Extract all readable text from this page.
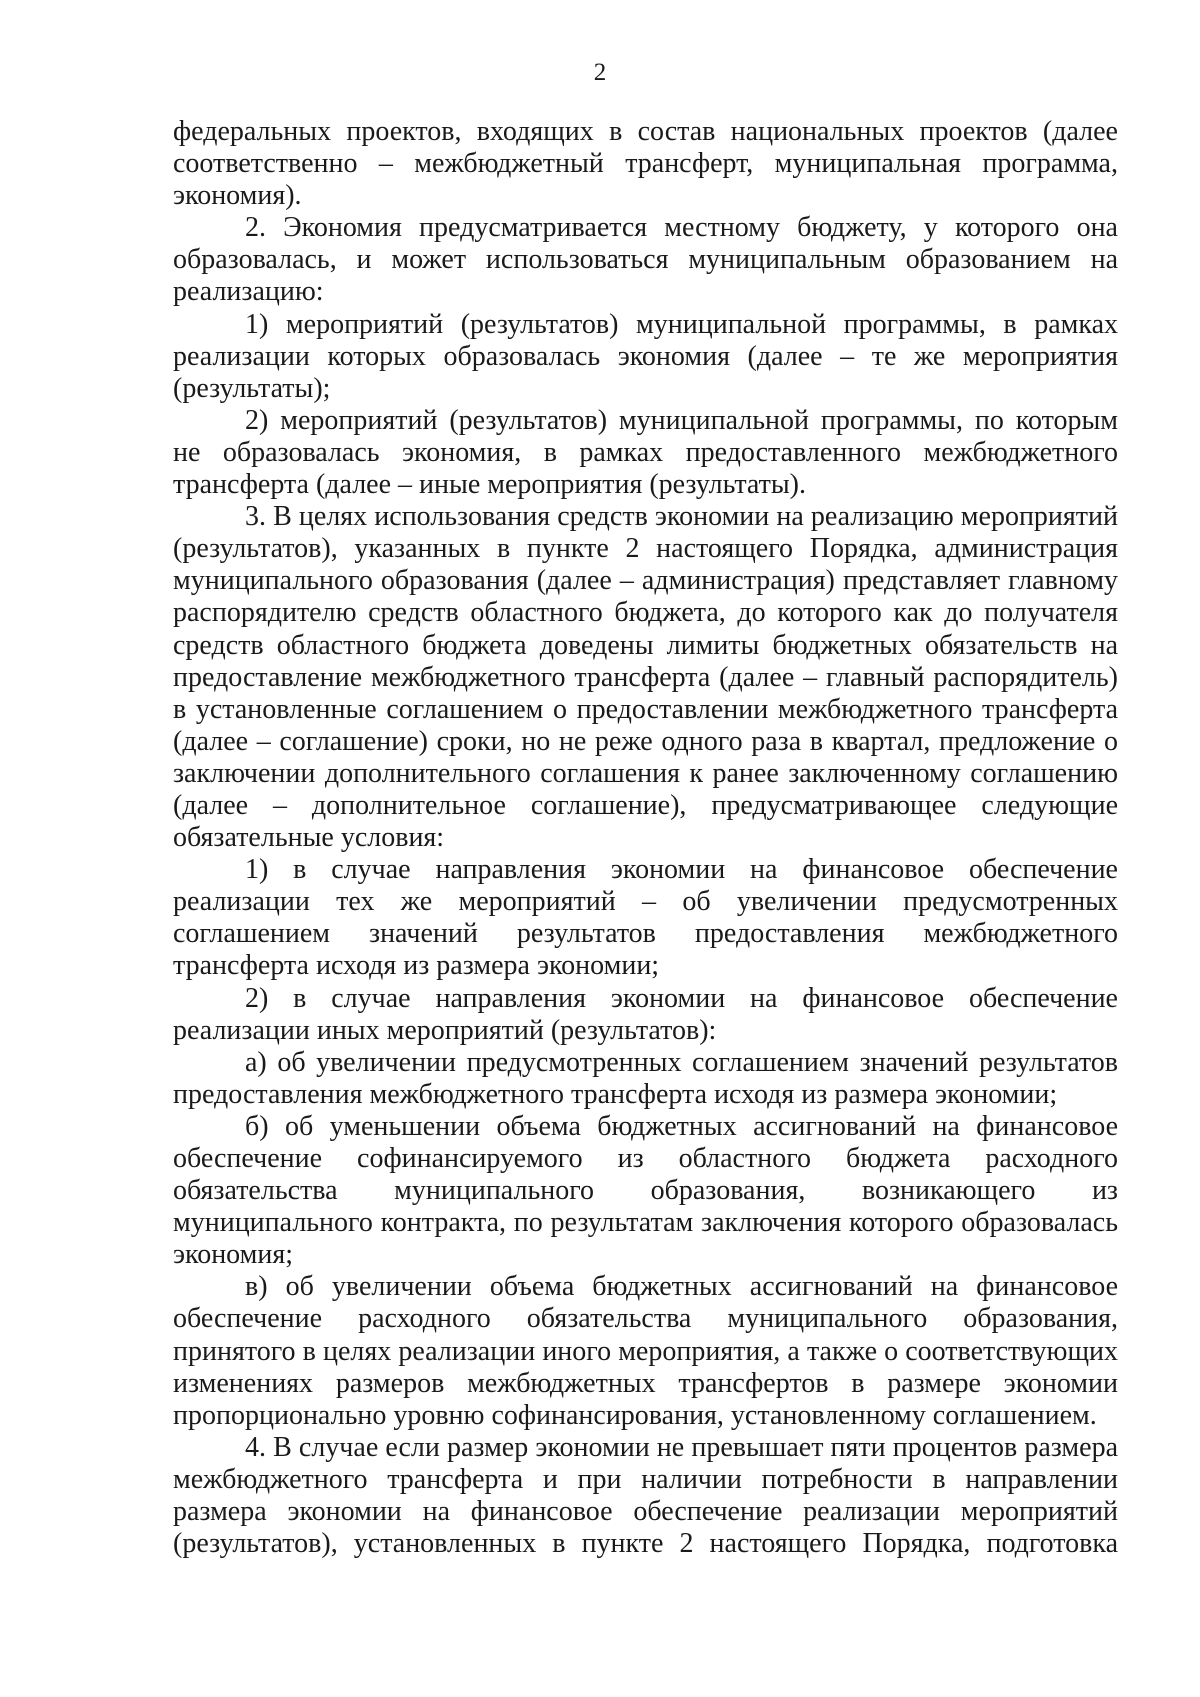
2

федеральных проектов, входящих в состав национальных проектов (далее соответственно – межбюджетный трансферт, муниципальная программа, экономия).

2. Экономия предусматривается местному бюджету, у которого она образовалась, и может использоваться муниципальным образованием на реализацию:

1) мероприятий (результатов) муниципальной программы, в рамках реализации которых образовалась экономия (далее – те же мероприятия (результаты);

2) мероприятий (результатов) муниципальной программы, по которым не образовалась экономия, в рамках предоставленного межбюджетного трансферта (далее – иные мероприятия (результаты).

3. В целях использования средств экономии на реализацию мероприятий (результатов), указанных в пункте 2 настоящего Порядка, администрация муниципального образования (далее – администрация) представляет главному распорядителю средств областного бюджета, до которого как до получателя средств областного бюджета доведены лимиты бюджетных обязательств на предоставление межбюджетного трансферта (далее – главный распорядитель) в установленные соглашением о предоставлении межбюджетного трансферта (далее – соглашение) сроки, но не реже одного раза в квартал, предложение о заключении дополнительного соглашения к ранее заключенному соглашению (далее – дополнительное соглашение), предусматривающее следующие обязательные условия:

1) в случае направления экономии на финансовое обеспечение реализации тех же мероприятий – об увеличении предусмотренных соглашением значений результатов предоставления межбюджетного трансферта исходя из размера экономии;

2) в случае направления экономии на финансовое обеспечение реализации иных мероприятий (результатов):

а) об увеличении предусмотренных соглашением значений результатов предоставления межбюджетного трансферта исходя из размера экономии;

б) об уменьшении объема бюджетных ассигнований на финансовое обеспечение софинансируемого из областного бюджета расходного обязательства муниципального образования, возникающего из муниципального контракта, по результатам заключения которого образовалась экономия;

в) об увеличении объема бюджетных ассигнований на финансовое обеспечение расходного обязательства муниципального образования, принятого в целях реализации иного мероприятия, а также о соответствующих изменениях размеров межбюджетных трансфертов в размере экономии пропорционально уровню софинансирования, установленному соглашением.

4. В случае если размер экономии не превышает пяти процентов размера межбюджетного трансферта и при наличии потребности в направлении размера экономии на финансовое обеспечение реализации мероприятий (результатов), установленных в пункте 2 настоящего Порядка, подготовка
